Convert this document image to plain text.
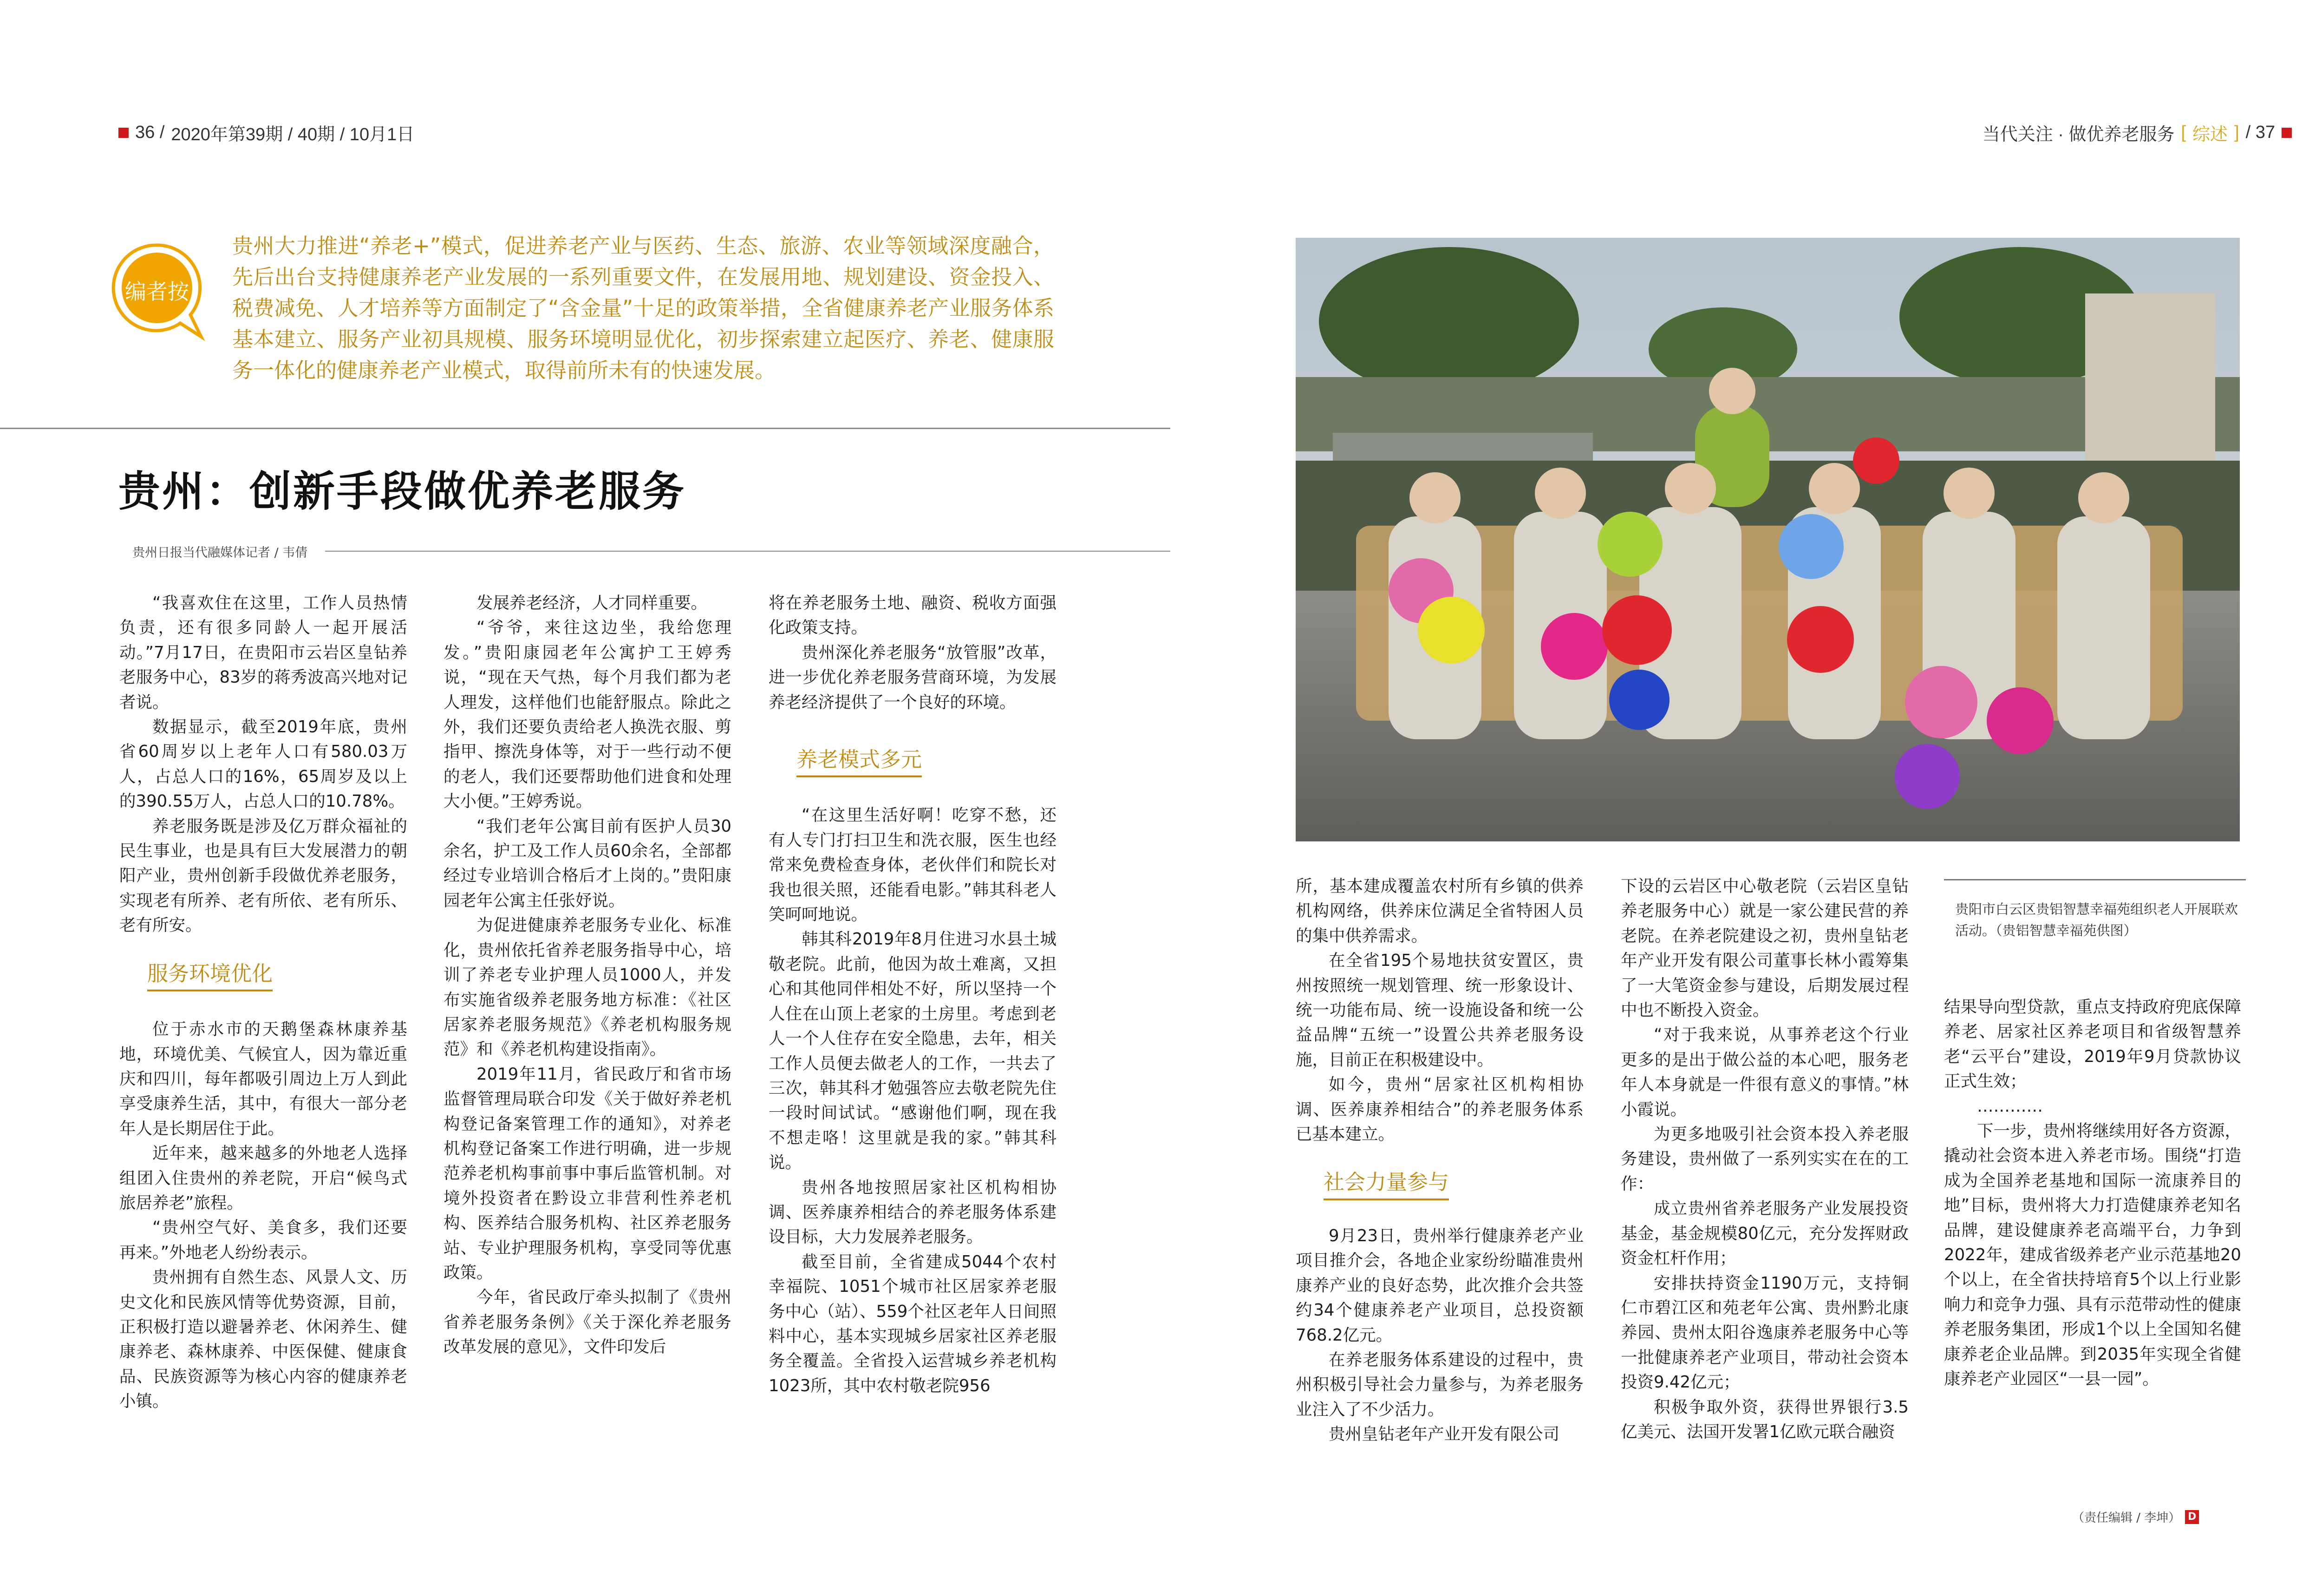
36 / 2020年第39期 / 40期 / 10月1日	当代关注 · 做优养老服务 [ 综述 ] / 37
编者按
贵州大力推进“养老+”模式，促进养老产业与医药、生态、旅游、农业等领域深度融合，先后出台支持健康养老产业发展的一系列重要文件，在发展用地、规划建设、资金投入、税费减免、人才培养等方面制定了“含金量”十足的政策举措，全省健康养老产业服务体系基本建立、服务产业初具规模、服务环境明显优化，初步探索建立起医疗、养老、健康服务一体化的健康养老产业模式，取得前所未有的快速发展。
贵州：创新手段做优养老服务
贵州日报当代融媒体记者 / 韦倩

“我喜欢住在这里，工作人员热情负责，还有很多同龄人一起开展活动。”7月17日，在贵阳市云岩区皇钻养老服务中心，83岁的蒋秀波高兴地对记者说。

数据显示，截至2019年底，贵州省60周岁以上老年人口有580.03万人，占总人口的16%，65周岁及以上的390.55万人，占总人口的10.78%。

养老服务既是涉及亿万群众福祉的民生事业，也是具有巨大发展潜力的朝阳产业，贵州创新手段做优养老服务，实现老有所养、老有所依、老有所乐、老有所安。

服务环境优化

位于赤水市的天鹅堡森林康养基地，环境优美、气候宜人，因为靠近重庆和四川，每年都吸引周边上万人到此享受康养生活，其中，有很大一部分老年人是长期居住于此。

近年来，越来越多的外地老人选择组团入住贵州的养老院，开启“候鸟式旅居养老”旅程。

“贵州空气好、美食多，我们还要再来。”外地老人纷纷表示。

贵州拥有自然生态、风景人文、历史文化和民族风情等优势资源，目前，正积极打造以避暑养老、休闲养生、健康养老、森林康养、中医保健、健康食品、民族资源等为核心内容的健康养老小镇。

发展养老经济，人才同样重要。

“爷爷，来往这边坐，我给您理发。”贵阳康园老年公寓护工王婷秀说，“现在天气热，每个月我们都为老人理发，这样他们也能舒服点。除此之外，我们还要负责给老人换洗衣服、剪指甲、擦洗身体等，对于一些行动不便的老人，我们还要帮助他们进食和处理大小便。”王婷秀说。

“我们老年公寓目前有医护人员30余名，护工及工作人员60余名，全部都经过专业培训合格后才上岗的。”贵阳康园老年公寓主任张妤说。

为促进健康养老服务专业化、标准化，贵州依托省养老服务指导中心，培训了养老专业护理人员1000人，并发布实施省级养老服务地方标准：《社区居家养老服务规范》《养老机构服务规范》和《养老机构建设指南》。

2019年11月，省民政厅和省市场监督管理局联合印发《关于做好养老机构登记备案管理工作的通知》，对养老机构登记备案工作进行明确，进一步规范养老机构事前事中事后监管机制。对境外投资者在黔设立非营利性养老机构、医养结合服务机构、社区养老服务站、专业护理服务机构，享受同等优惠政策。

今年，省民政厅牵头拟制了《贵州省养老服务条例》《关于深化养老服务改革发展的意见》，文件印发后

将在养老服务土地、融资、税收方面强化政策支持。

贵州深化养老服务“放管服”改革，进一步优化养老服务营商环境，为发展养老经济提供了一个良好的环境。

养老模式多元

“在这里生活好啊！吃穿不愁，还有人专门打扫卫生和洗衣服，医生也经常来免费检查身体，老伙伴们和院长对我也很关照，还能看电影。”韩其科老人笑呵呵地说。

韩其科2019年8月住进习水县土城敬老院。此前，他因为故土难离，又担心和其他同伴相处不好，所以坚持一个人住在山顶上老家的土房里。考虑到老人一个人住存在安全隐患，去年，相关工作人员便去做老人的工作，一共去了三次，韩其科才勉强答应去敬老院先住一段时间试试。“感谢他们啊，现在我不想走咯！这里就是我的家。”韩其科说。

贵州各地按照居家社区机构相协调、医养康养相结合的养老服务体系建设目标，大力发展养老服务。

截至目前，全省建成5044个农村幸福院、1051个城市社区居家养老服务中心（站）、559个社区老年人日间照料中心，基本实现城乡居家社区养老服务全覆盖。全省投入运营城乡养老机构1023所，其中农村敬老院956

贵阳市白云区贵铝智慧幸福苑组织老人开展联欢活动。（贵铝智慧幸福苑供图）

所，基本建成覆盖农村所有乡镇的供养机构网络，供养床位满足全省特困人员的集中供养需求。

在全省195个易地扶贫安置区，贵州按照统一规划管理、统一形象设计、统一功能布局、统一设施设备和统一公益品牌“五统一”设置公共养老服务设施，目前正在积极建设中。

如今，贵州“居家社区机构相协调、医养康养相结合”的养老服务体系已基本建立。

社会力量参与

9月23日，贵州举行健康养老产业项目推介会，各地企业家纷纷瞄准贵州康养产业的良好态势，此次推介会共签约34个健康养老产业项目，总投资额768.2亿元。

在养老服务体系建设的过程中，贵州积极引导社会力量参与，为养老服务业注入了不少活力。

贵州皇钻老年产业开发有限公司

下设的云岩区中心敬老院（云岩区皇钻养老服务中心）就是一家公建民营的养老院。在养老院建设之初，贵州皇钻老年产业开发有限公司董事长林小霞筹集了一大笔资金参与建设，后期发展过程中也不断投入资金。

“对于我来说，从事养老这个行业更多的是出于做公益的本心吧，服务老年人本身就是一件很有意义的事情。”林小霞说。

为更多地吸引社会资本投入养老服务建设，贵州做了一系列实实在在的工作：

成立贵州省养老服务产业发展投资基金，基金规模80亿元，充分发挥财政资金杠杆作用；

安排扶持资金1190万元，支持铜仁市碧江区和苑老年公寓、贵州黔北康养园、贵州太阳谷逸康养老服务中心等一批健康养老产业项目，带动社会资本投资9.42亿元；

积极争取外资，获得世界银行3.5亿美元、法国开发署1亿欧元联合融资

结果导向型贷款，重点支持政府兜底保障养老、居家社区养老项目和省级智慧养老“云平台”建设，2019年9月贷款协议正式生效；

…………

下一步，贵州将继续用好各方资源，撬动社会资本进入养老市场。围绕“打造成为全国养老基地和国际一流康养目的地”目标，贵州将大力打造健康养老知名品牌，建设健康养老高端平台，力争到2022年，建成省级养老产业示范基地20个以上，在全省扶持培育5个以上行业影响力和竞争力强、具有示范带动性的健康养老服务集团，形成1个以上全国知名健康养老企业品牌。到2035年实现全省健康养老产业园区“一县一园”。

（责任编辑 / 李坤） D
